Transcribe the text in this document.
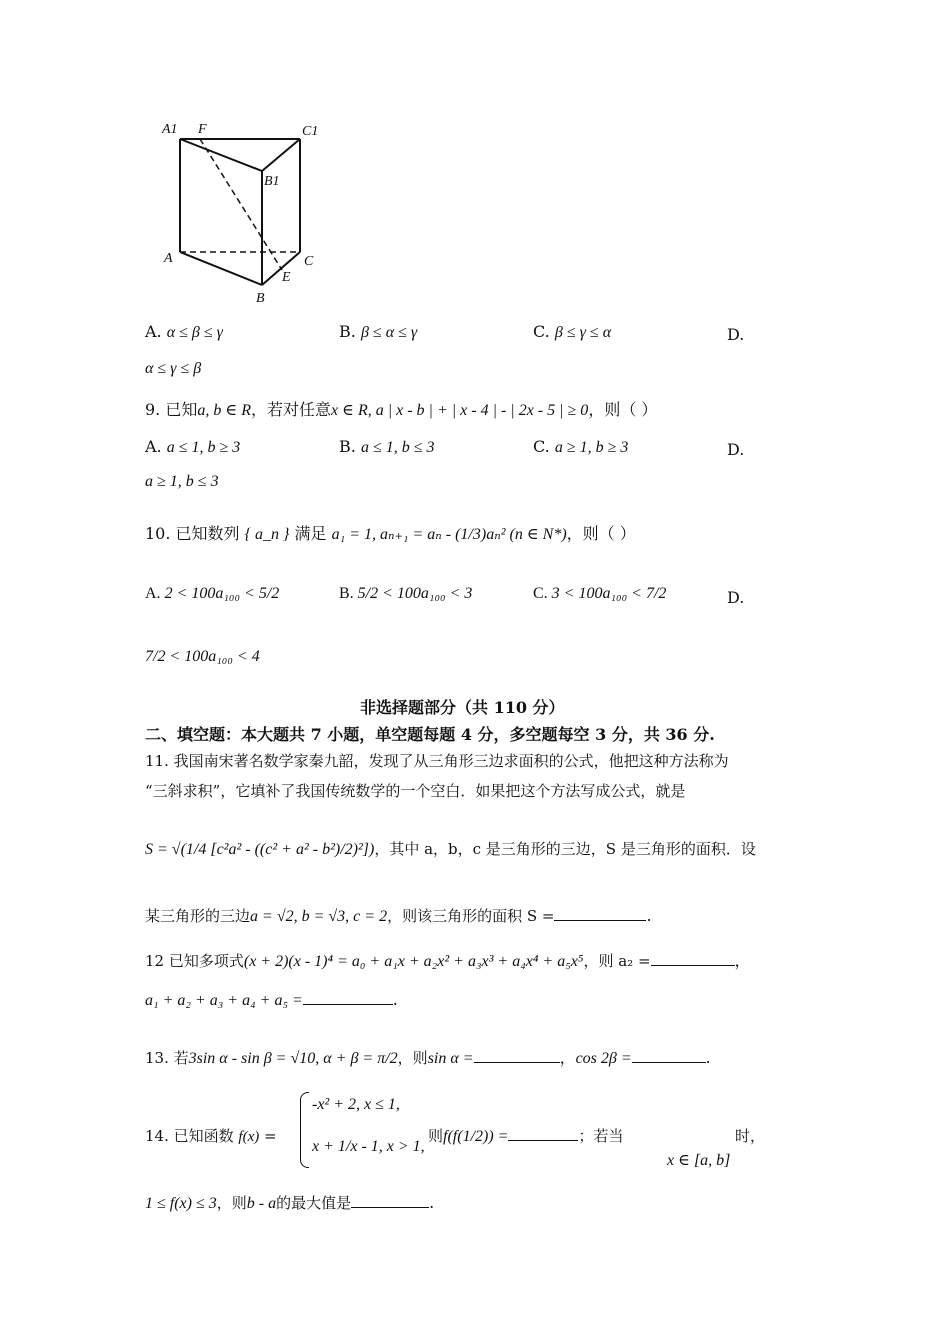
A1 F	C1
B1
A	C
E
B
A. α ≤ β ≤ γ	B. β ≤ α ≤ γ	C. β ≤ γ ≤ α	D.
α ≤ γ ≤ β
9. 已知a, b ∈ R，若对任意x ∈ R, a | x - b | + | x - 4 | - | 2x - 5 | ≥ 0，则（ ）
A. a ≤ 1, b ≥ 3	B. a ≤ 1, b ≤ 3	C. a ≥ 1, b ≥ 3	D.
a ≥ 1, b ≤ 3
10. 已知数列 { a_n } 满足 a₁ = 1, aₙ₊₁ = aₙ - (1/3)aₙ² (n ∈ N*)，则（ ）
A. 2 < 100a₁₀₀ < 5/2	B. 5/2 < 100a₁₀₀ < 3	C. 3 < 100a₁₀₀ < 7/2	D.
7/2 < 100a₁₀₀ < 4
非选择题部分（共 110 分）
二、填空题：本大题共 7 小题，单空题每题 4 分，多空题每空 3 分，共 36 分.
11. 我国南宋著名数学家秦九韶，发现了从三角形三边求面积的公式，他把这种方法称为
“三斜求积”，它填补了我国传统数学的一个空白．如果把这个方法写成公式，就是
S = √(1/4 [c²a² - ((c² + a² - b²)/2)²])，其中 a，b，c 是三角形的三边，S 是三角形的面积．设
某三角形的三边a = √2, b = √3, c = 2，则该三角形的面积 S =	.
12 已知多项式(x + 2)(x - 1)⁴ = a₀ + a₁x + a₂x² + a₃x³ + a₄x⁴ + a₅x⁵，则 a₂ =	，
a₁ + a₂ + a₃ + a₄ + a₅ =	.
13. 若3sin α - sin β = √10, α + β = π/2，则sin α =	，cos 2β =	.
14. 已知函数 f(x) =
-x² + 2, x ≤ 1,
x + 1/x - 1, x > 1,
则f(f(1/2)) =	；若当	时，
x ∈ [a, b]
1 ≤ f(x) ≤ 3，则b - a的最大值是	.
